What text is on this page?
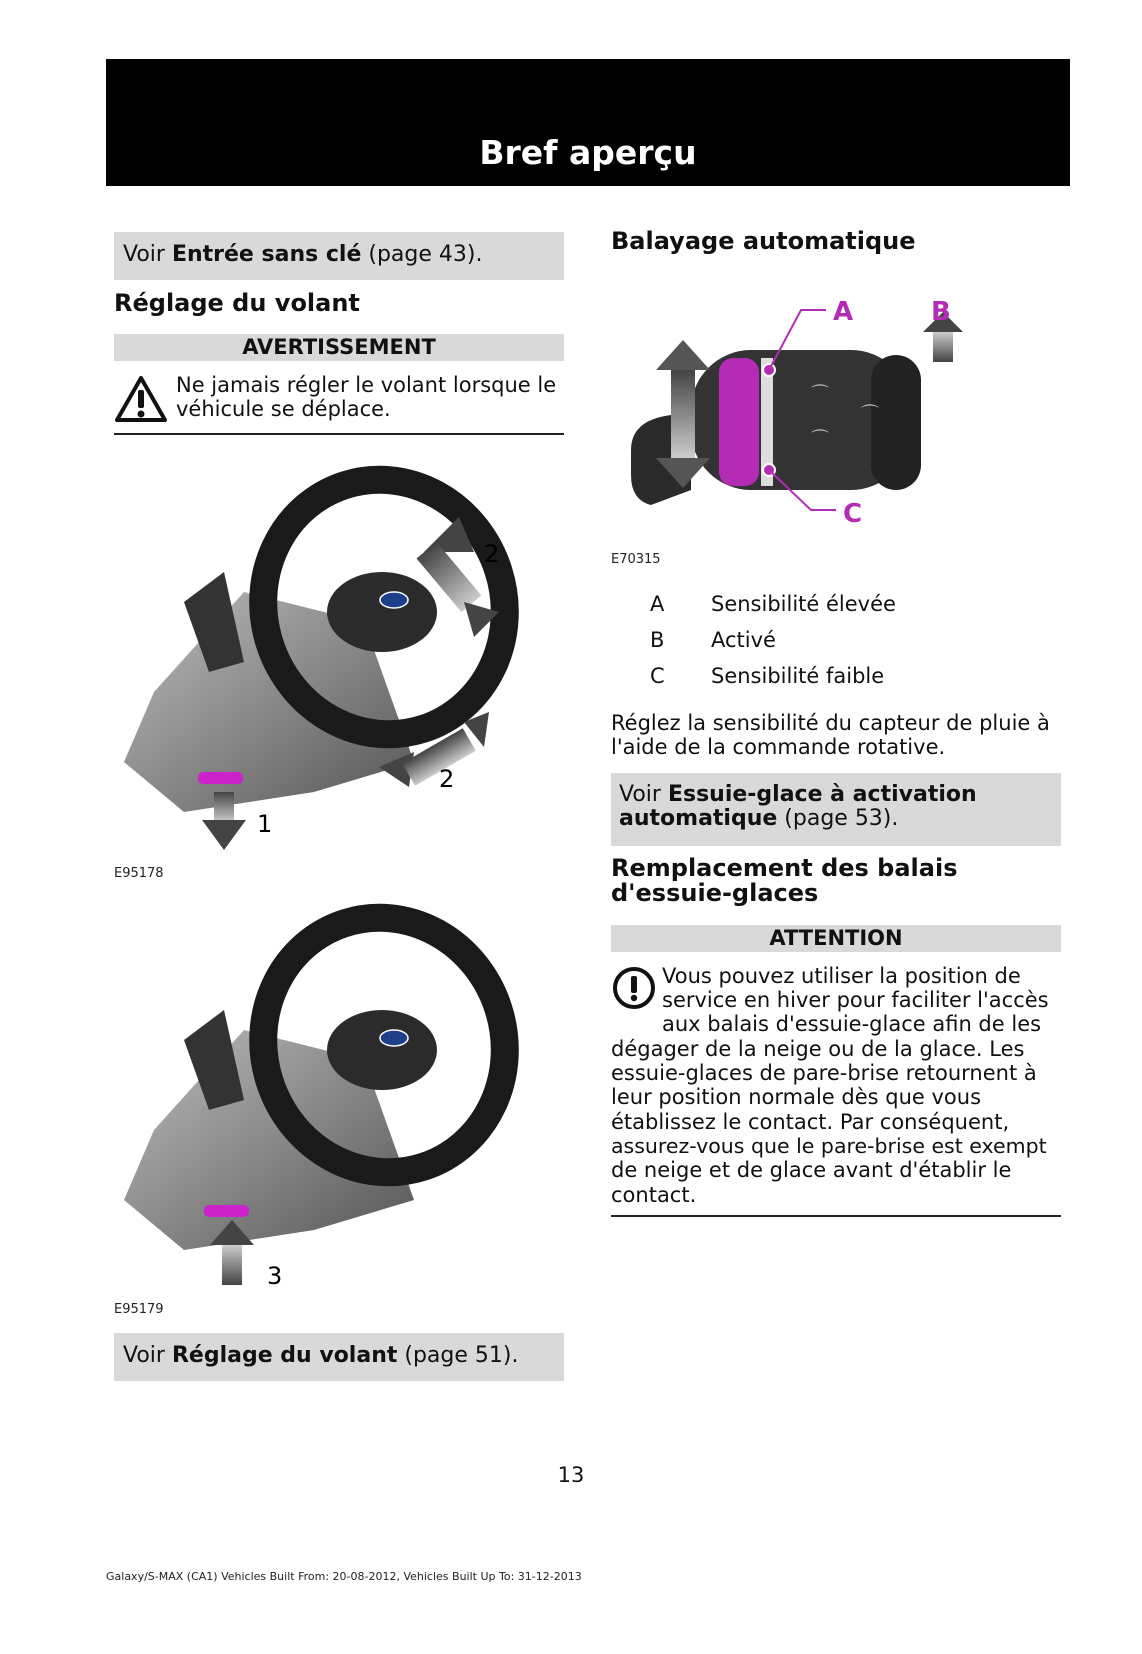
Bref aperçu
Voir Entrée sans clé (page 43).
Réglage du volant
AVERTISSEMENT
Ne jamais régler le volant lorsque le
véhicule se déplace.
1
2
2
E95178
3
E95179
Voir Réglage du volant (page 51).
Balayage automatique
⌒
⌒
⌒
A	B
C
E70315
A Sensibilité élevée
B Activé
C Sensibilité faible
Réglez la sensibilité du capteur de pluie à
l'aide de la commande rotative.
Voir Essuie-glace à activation
automatique (page 53).
Remplacement des balais
d'essuie-glaces
ATTENTION
Vous pouvez utiliser la position de
service en hiver pour faciliter l'accès
aux balais d'essuie-glace afin de les
dégager de la neige ou de la glace. Les
essuie-glaces de pare-brise retournent à
leur position normale dès que vous
établissez le contact. Par conséquent,
assurez-vous que le pare-brise est exempt
de neige et de glace avant d'établir le
contact.
13
Galaxy/S-MAX (CA1) Vehicles Built From: 20-08-2012, Vehicles Built Up To: 31-12-2013
